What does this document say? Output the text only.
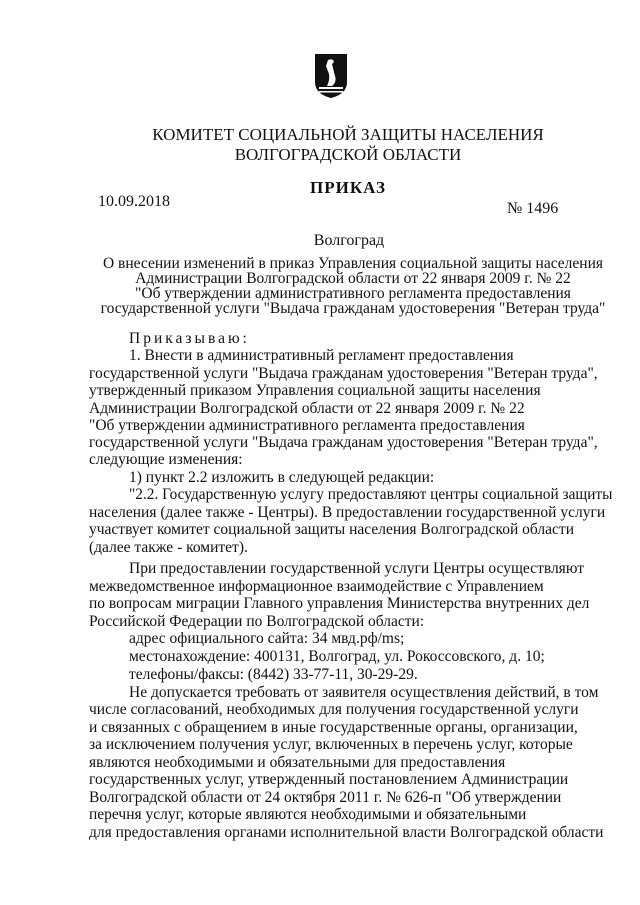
КОМИТЕТ СОЦИАЛЬНОЙ ЗАЩИТЫ НАСЕЛЕНИЯ
ВОЛГОГРАДСКОЙ ОБЛАСТИ
ПРИКАЗ
10.09.2018	№ 1496
Волгоград
О внесении изменений в приказ Управления социальной защиты населения
Администрации Волгоградской области от 22 января 2009 г. № 22
"Об утверждении административного регламента предоставления
государственной услуги "Выдача гражданам удостоверения "Ветеран труда"
Приказываю:
1. Внести в административный регламент предоставления
государственной услуги "Выдача гражданам удостоверения "Ветеран труда",
утвержденный приказом Управления социальной защиты населения
Администрации Волгоградской области от 22 января 2009 г. № 22
"Об утверждении административного регламента предоставления
государственной услуги "Выдача гражданам удостоверения "Ветеран труда",
следующие изменения:
1) пункт 2.2 изложить в следующей редакции:
"2.2. Государственную услугу предоставляют центры социальной защиты
населения (далее также - Центры). В предоставлении государственной услуги
участвует комитет социальной защиты населения Волгоградской области
(далее также - комитет).
При предоставлении государственной услуги Центры осуществляют
межведомственное информационное взаимодействие с Управлением
по вопросам миграции Главного управления Министерства внутренних дел
Российской Федерации по Волгоградской области:
адрес официального сайта: 34 мвд.рф/ms;
местонахождение: 400131, Волгоград, ул. Рокоссовского, д. 10;
телефоны/факсы: (8442) 33-77-11, 30-29-29.
Не допускается требовать от заявителя осуществления действий, в том
числе согласований, необходимых для получения государственной услуги
и связанных с обращением в иные государственные органы, организации,
за исключением получения услуг, включенных в перечень услуг, которые
являются необходимыми и обязательными для предоставления
государственных услуг, утвержденный постановлением Администрации
Волгоградской области от 24 октября 2011 г. № 626-п "Об утверждении
перечня услуг, которые являются необходимыми и обязательными
для предоставления органами исполнительной власти Волгоградской области
